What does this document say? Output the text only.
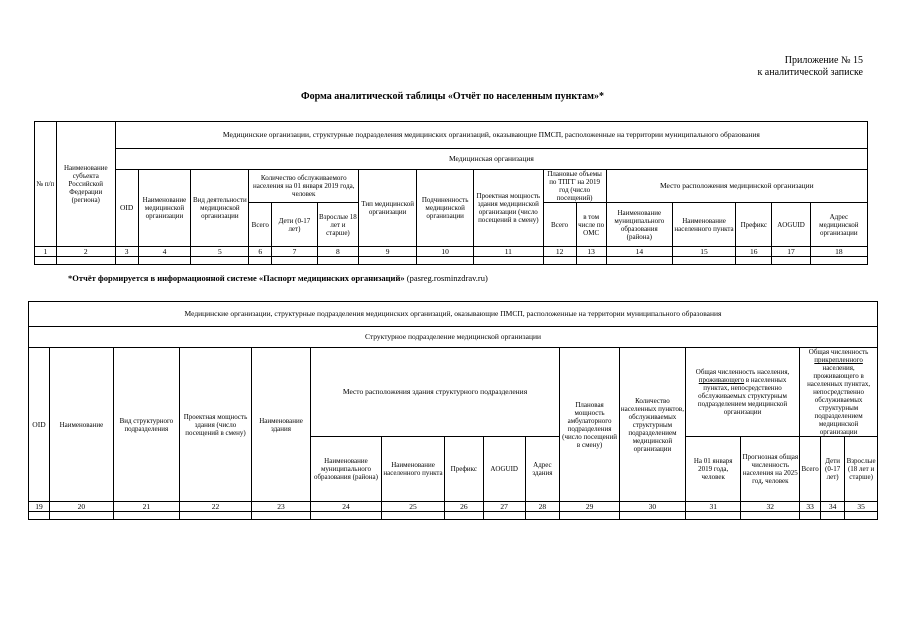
Приложение № 15
к аналитической записке
Форма аналитической таблицы «Отчёт по населенным пунктам»*
№ п/п	Наименование субъекта Российской Федерации (региона)	Медицинские организации, структурные подразделения медицинских организаций, оказывающие ПМСП, расположенные на территории муниципального образования															
		Медицинская организация															
		OID	Наименование медицинской организации	Вид деятельности медицинской организации	Количество обслуживаемого населения на 01 января 2019 года, человек			Тип медицинской организации	Подчиненность медицинской организации	Проектная мощность здания медицинской организации (число посещений в смену)	Плановые объемы по ТПГГ на 2019 год (число посещений)		Место расположения медицинской организации				
					Всего	Дети (0-17 лет)	Взрослые 18 лет и старше)				Всего	в том числе по ОМС	Наименование муниципального образования (района)	Наименование населенного пункта	Префикс	AOGUID	Адрес медицинской организации
1	2	3	4	5	6	7	8	9	10	11	12	13	14	15	16	17	18

*Отчёт формируется в информационной системе «Паспорт медицинских организаций» (pasreg.rosminzdrav.ru)
Медицинские организации, структурные подразделения медицинских организаций, оказывающие ПМСП, расположенные на территории муниципального образования																
Структурное подразделение медицинской организации																
OID	Наименование	Вид структурного подразделения	Проектная мощность здания (число посещений в смену)	Наименование здания	Место расположения здания структурного подразделения					Плановая мощность амбулаторного подразделения (число посещений в смену)	Количество населенных пунктов, обслуживаемых структурным подразделением медицинской организации	Общая численность населения, проживающего в населенных пунктах, непосредственно обслуживаемых структурным подразделением медицинской организации		Общая численность прикрепленного населения, проживающего в населенных пунктах, непосредственно обслуживаемых структурным подразделением медицинской организации		
					Наименование муниципального образования (района)	Наименование населенного пункта	Префикс	AOGUID	Адрес здания			На 01 января 2019 года, человек	Прогнозная общая численность населения на 2025 год, человек	Всего	Дети (0-17 лет)	Взрослые (18 лет и старше)
19	20	21	22	23	24	25	26	27	28	29	30	31	32	33	34	35
